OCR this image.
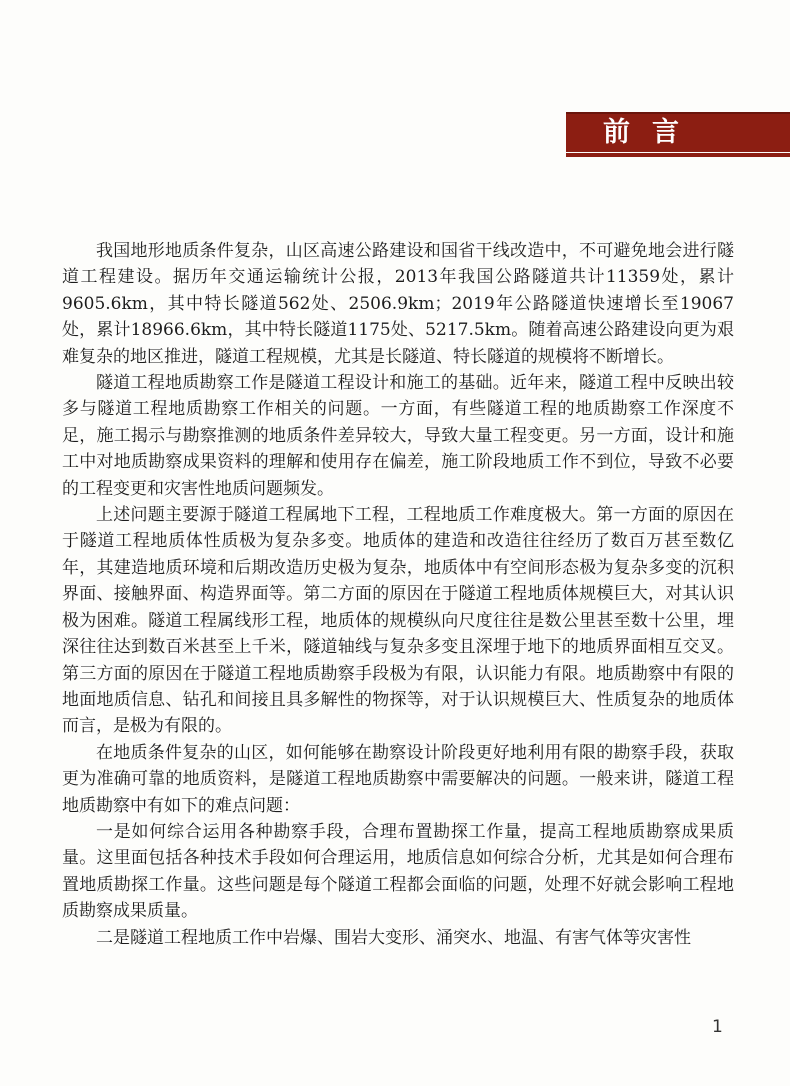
前言

我国地形地质条件复杂，山区高速公路建设和国省干线改造中，不可避免地会进行隧道工程建设。据历年交通运输统计公报，2013年我国公路隧道共计11359处，累计9605.6km，其中特长隧道562处、2506.9km；2019年公路隧道快速增长至19067处，累计18966.6km，其中特长隧道1175处、5217.5km。随着高速公路建设向更为艰难复杂的地区推进，隧道工程规模，尤其是长隧道、特长隧道的规模将不断增长。

隧道工程地质勘察工作是隧道工程设计和施工的基础。近年来，隧道工程中反映出较多与隧道工程地质勘察工作相关的问题。一方面，有些隧道工程的地质勘察工作深度不足，施工揭示与勘察推测的地质条件差异较大，导致大量工程变更。另一方面，设计和施工中对地质勘察成果资料的理解和使用存在偏差，施工阶段地质工作不到位，导致不必要的工程变更和灾害性地质问题频发。

上述问题主要源于隧道工程属地下工程，工程地质工作难度极大。第一方面的原因在于隧道工程地质体性质极为复杂多变。地质体的建造和改造往往经历了数百万甚至数亿年，其建造地质环境和后期改造历史极为复杂，地质体中有空间形态极为复杂多变的沉积界面、接触界面、构造界面等。第二方面的原因在于隧道工程地质体规模巨大，对其认识极为困难。隧道工程属线形工程，地质体的规模纵向尺度往往是数公里甚至数十公里，埋深往往达到数百米甚至上千米，隧道轴线与复杂多变且深埋于地下的地质界面相互交叉。第三方面的原因在于隧道工程地质勘察手段极为有限，认识能力有限。地质勘察中有限的地面地质信息、钻孔和间接且具多解性的物探等，对于认识规模巨大、性质复杂的地质体而言，是极为有限的。

在地质条件复杂的山区，如何能够在勘察设计阶段更好地利用有限的勘察手段，获取更为准确可靠的地质资料，是隧道工程地质勘察中需要解决的问题。一般来讲，隧道工程地质勘察中有如下的难点问题：

一是如何综合运用各种勘察手段，合理布置勘探工作量，提高工程地质勘察成果质量。这里面包括各种技术手段如何合理运用，地质信息如何综合分析，尤其是如何合理布置地质勘探工作量。这些问题是每个隧道工程都会面临的问题，处理不好就会影响工程地质勘察成果质量。

二是隧道工程地质工作中岩爆、围岩大变形、涌突水、地温、有害气体等灾害性

1
